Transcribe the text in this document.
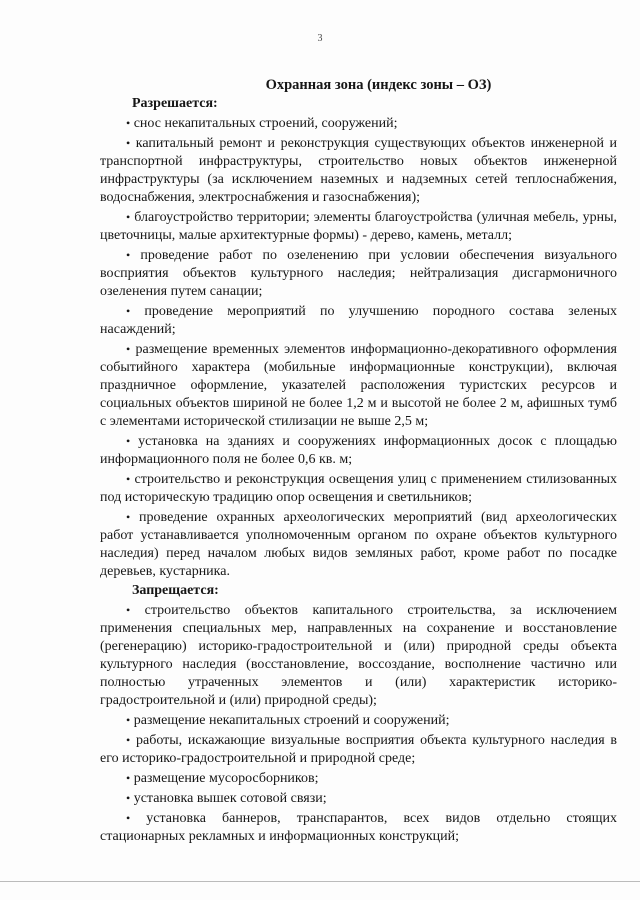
3
Охранная зона (индекс зоны – ОЗ)
Разрешается:

• снос некапитальных строений, сооружений;

• капитальный ремонт и реконструкция существующих объектов инженерной и транспортной инфраструктуры, строительство новых объектов инженерной инфраструктуры (за исключением наземных и надземных сетей теплоснабжения, водоснабжения, электроснабжения и газоснабжения);

• благоустройство территории; элементы благоустройства (уличная мебель, урны, цветочницы, малые архитектурные формы) - дерево, камень, металл;

• проведение работ по озеленению при условии обеспечения визуального восприятия объектов культурного наследия; нейтрализация дисгармоничного озеленения путем санации;

• проведение мероприятий по улучшению породного состава зеленых насаждений;

• размещение временных элементов информационно-декоративного оформления событийного характера (мобильные информационные конструкции), включая праздничное оформление, указателей расположения туристских ресурсов и социальных объектов шириной не более 1,2 м и высотой не более 2 м, афишных тумб с элементами исторической стилизации не выше 2,5 м;

• установка на зданиях и сооружениях информационных досок с площадью информационного поля не более 0,6 кв. м;

• строительство и реконструкция освещения улиц с применением стилизованных под историческую традицию опор освещения и светильников;

• проведение охранных археологических мероприятий (вид археологических работ устанавливается уполномоченным органом по охране объектов культурного наследия) перед началом любых видов земляных работ, кроме работ по посадке деревьев, кустарника.

Запрещается:

• строительство объектов капитального строительства, за исключением применения специальных мер, направленных на сохранение и восстановление (регенерацию) историко-градостроительной и (или) природной среды объекта культурного наследия (восстановление, воссоздание, восполнение частично или полностью утраченных элементов и (или) характеристик историко-градостроительной и (или) природной среды);

• размещение некапитальных строений и сооружений;

• работы, искажающие визуальные восприятия объекта культурного наследия в его историко-градостроительной и природной среде;

• размещение мусоросборников;

• установка вышек сотовой связи;

• установка баннеров, транспарантов, всех видов отдельно стоящих стационарных рекламных и информационных конструкций;
